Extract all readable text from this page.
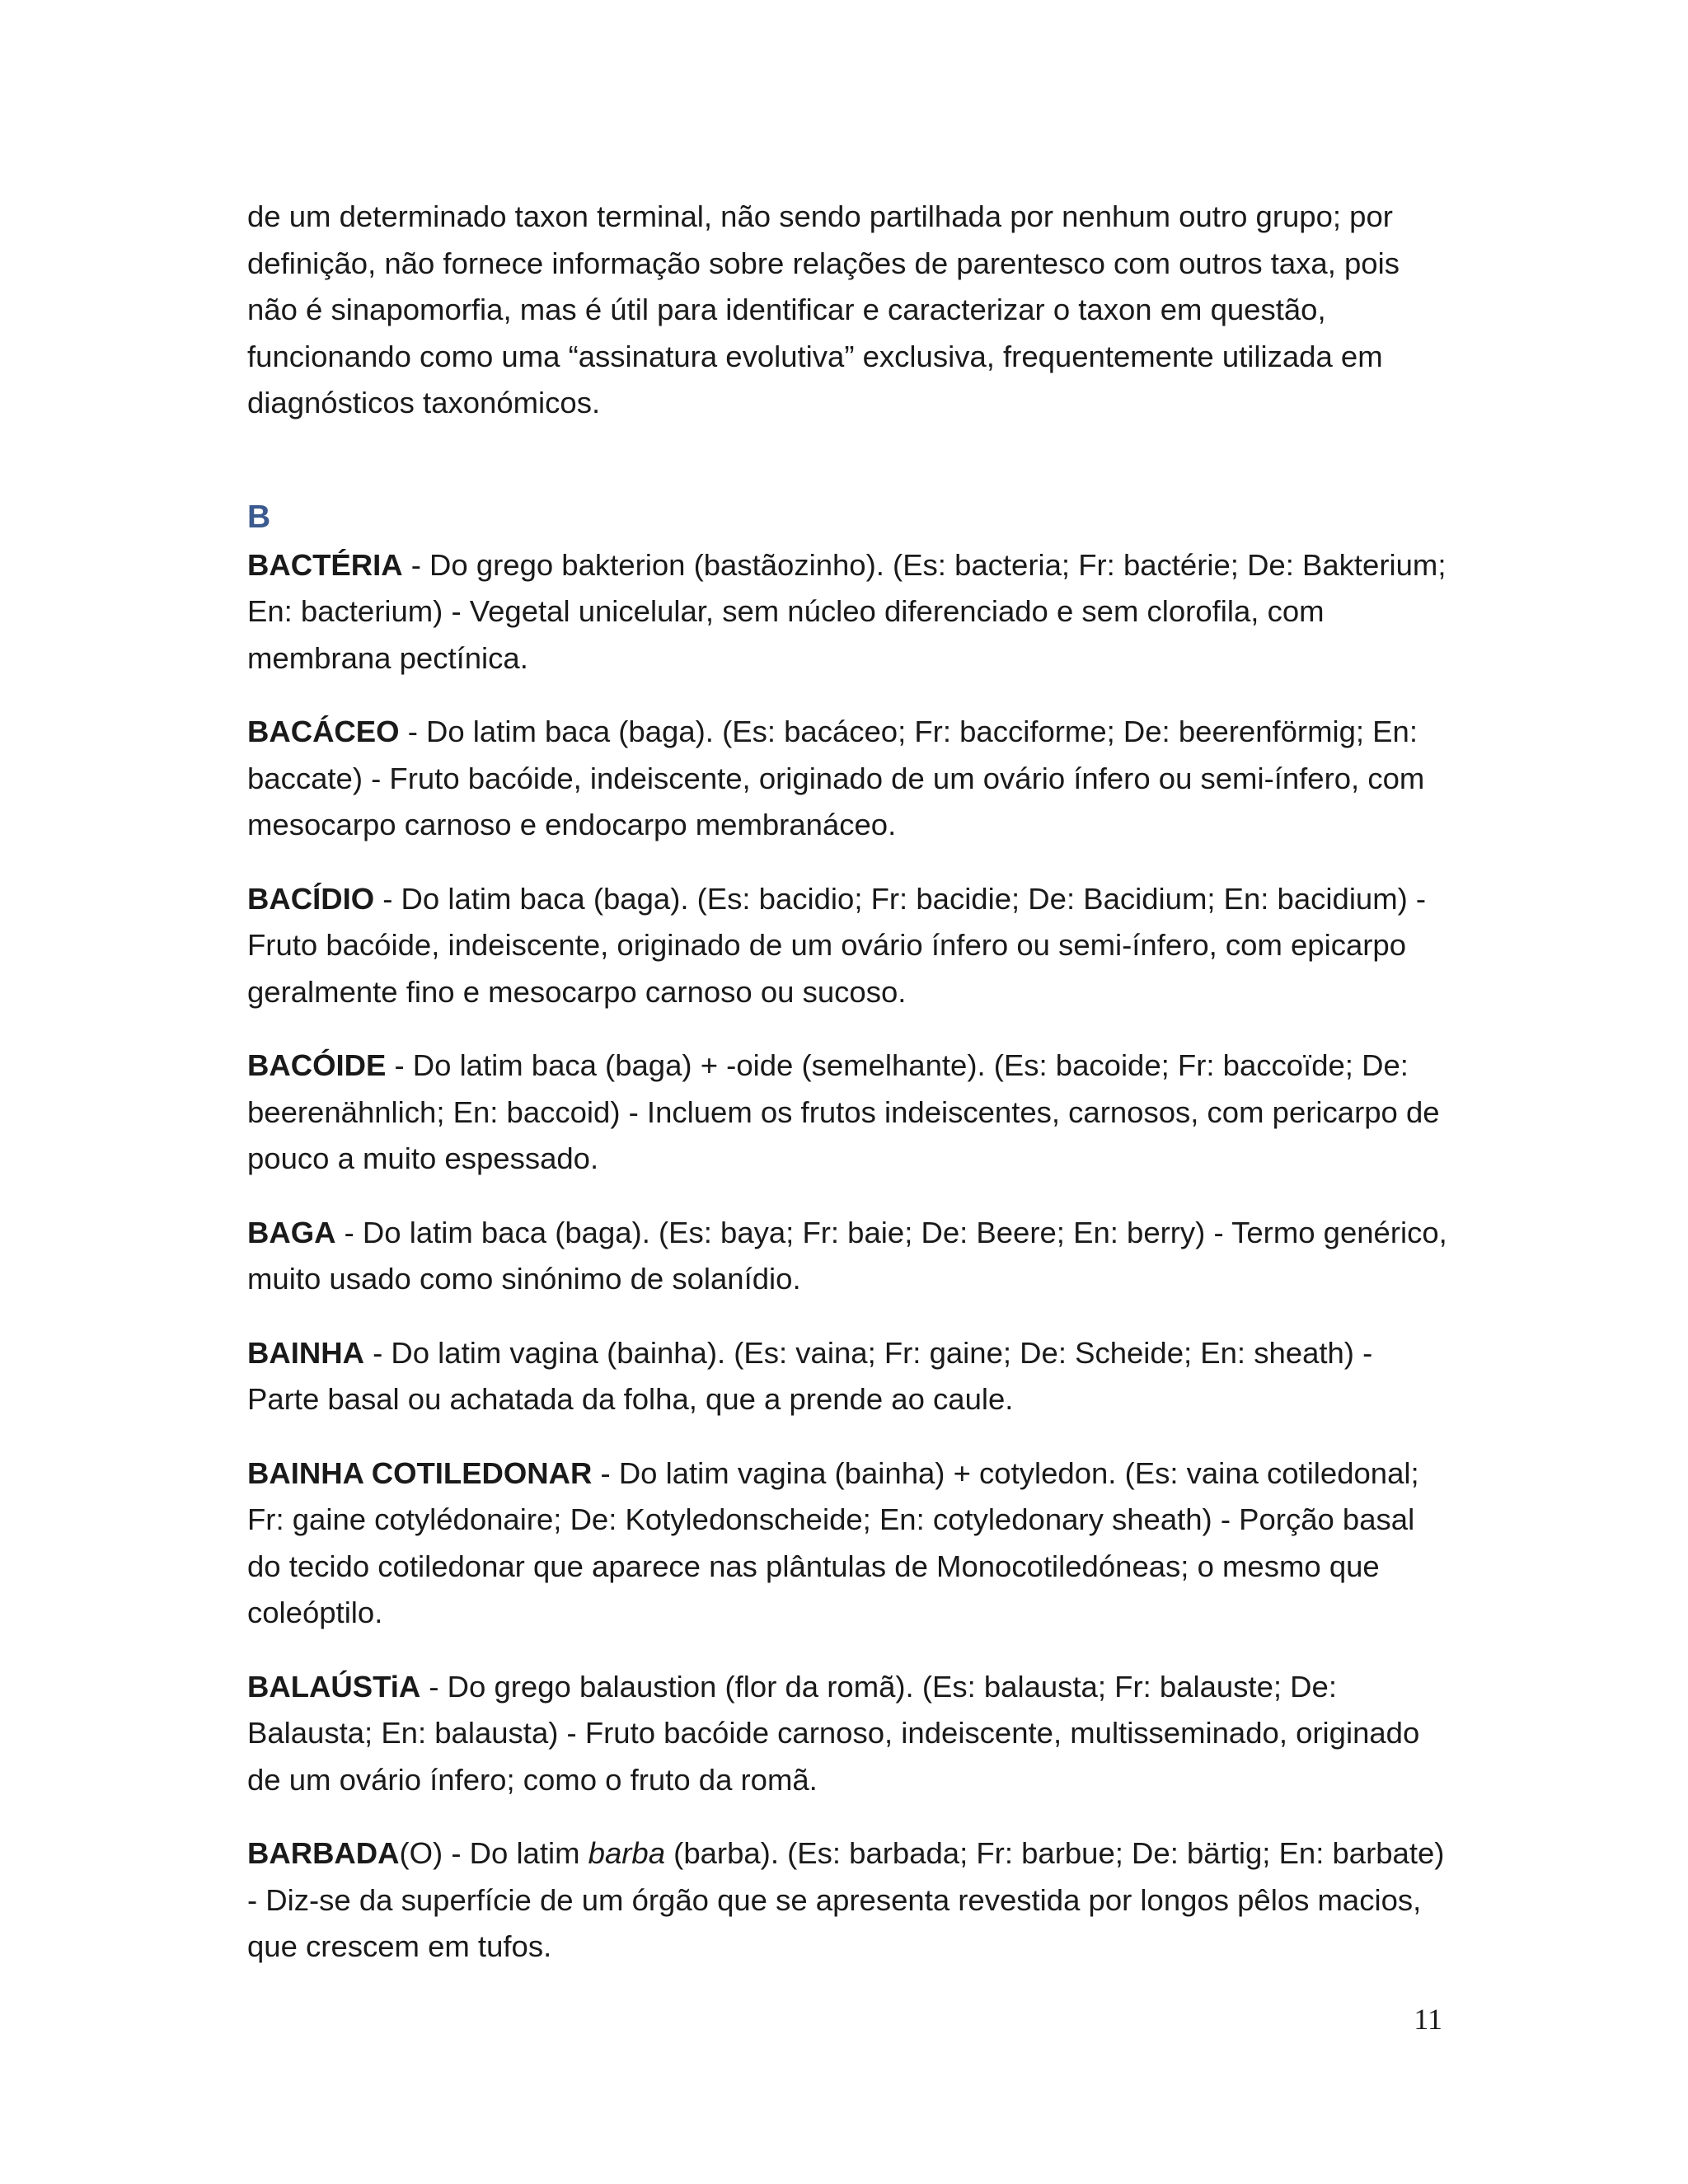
de um determinado taxon terminal, não sendo partilhada por nenhum outro grupo; por definição, não fornece informação sobre relações de parentesco com outros taxa, pois não é sinapomorfia, mas é útil para identificar e caracterizar o taxon em questão, funcionando como uma “assinatura evolutiva” exclusiva, frequentemente utilizada em diagnósticos taxonómicos.

B

BACTÉRIA - Do grego bakterion (bastãozinho). (Es: bacteria; Fr: bactérie; De: Bakterium; En: bacterium) - Vegetal unicelular, sem núcleo diferenciado e sem clorofila, com membrana pectínica.

BACÁCEO - Do latim baca (baga). (Es: bacáceo; Fr: bacciforme; De: beerenförmig; En: baccate) - Fruto bacóide, indeiscente, originado de um ovário ínfero ou semi-ínfero, com mesocarpo carnoso e endocarpo membranáceo.

BACÍDIO - Do latim baca (baga). (Es: bacidio; Fr: bacidie; De: Bacidium; En: bacidium) - Fruto bacóide, indeiscente, originado de um ovário ínfero ou semi-ínfero, com epicarpo geralmente fino e mesocarpo carnoso ou sucoso.

BACÓIDE - Do latim baca (baga) + -oide (semelhante). (Es: bacoide; Fr: baccoïde; De: beerenähnlich; En: baccoid) - Incluem os frutos indeiscentes, carnosos, com pericarpo de pouco a muito espessado.

BAGA - Do latim baca (baga). (Es: baya; Fr: baie; De: Beere; En: berry) - Termo genérico, muito usado como sinónimo de solanídio.

BAINHA - Do latim vagina (bainha). (Es: vaina; Fr: gaine; De: Scheide; En: sheath) - Parte basal ou achatada da folha, que a prende ao caule.

BAINHA COTILEDONAR - Do latim vagina (bainha) + cotyledon. (Es: vaina cotiledonal; Fr: gaine cotylédonaire; De: Kotyledonscheide; En: cotyledonary sheath) - Porção basal do tecido cotiledonar que aparece nas plântulas de Monocotiledóneas; o mesmo que coleóptilo.

BALAÚSTiA - Do grego balaustion (flor da romã). (Es: balausta; Fr: balauste; De: Balausta; En: balausta) - Fruto bacóide carnoso, indeiscente, multisseminado, originado de um ovário ínfero; como o fruto da romã.

BARBADA(O) - Do latim barba (barba). (Es: barbada; Fr: barbue; De: bärtig; En: barbate) - Diz-se da superfície de um órgão que se apresenta revestida por longos pêlos macios, que crescem em tufos.

11
